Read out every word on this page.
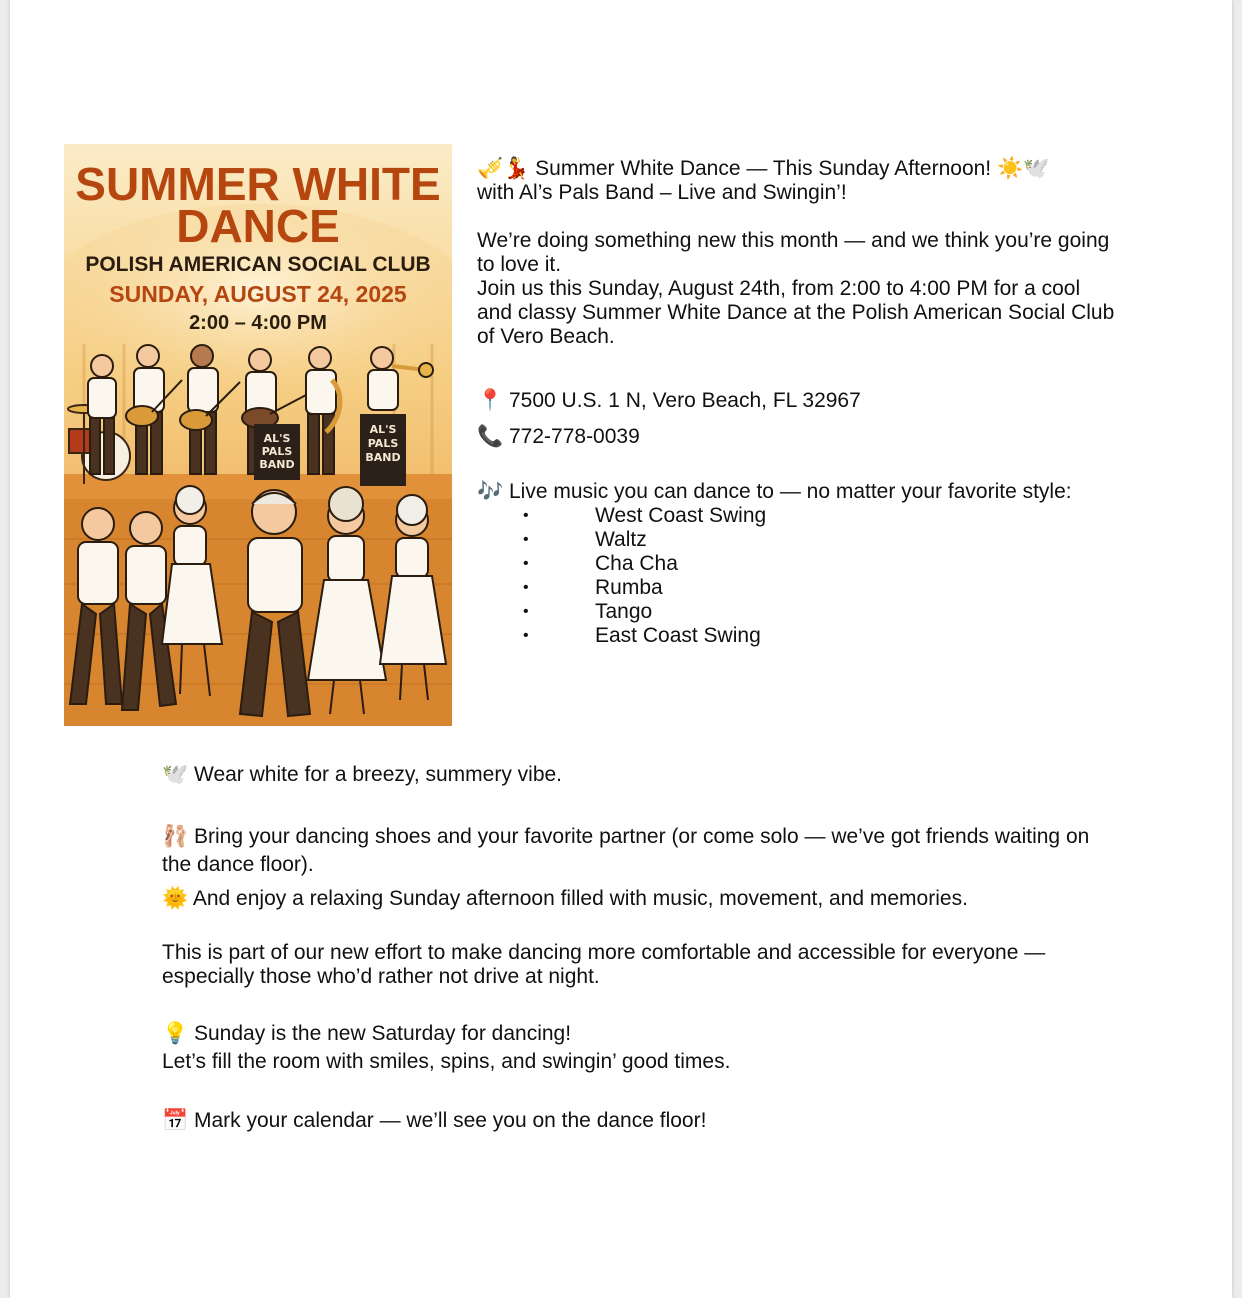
SUMMER WHITE
DANCE
POLISH AMERICAN SOCIAL CLUB
SUNDAY, AUGUST 24, 2025
2:00 – 4:00 PM
AL'S
PALS
BAND
AL'S
PALS
BAND

🎺💃 Summer White Dance — This Sunday Afternoon! ☀️🕊️

with Al’s Pals Band – Live and Swingin’!

We’re doing something new this month — and we think you’re going to love it.

Join us this Sunday, August 24th, from 2:00 to 4:00 PM for a cool and classy Summer White Dance at the Polish American Social Club of Vero Beach.

📍 7500 U.S. 1 N, Vero Beach, FL 32967

📞 772-778-0039

🎶 Live music you can dance to — no matter your favorite style:

•	West Coast Swing
•	Waltz
•	Cha Cha
•	Rumba
•	Tango
•	East Coast Swing

🕊️ Wear white for a breezy, summery vibe.

🩰 Bring your dancing shoes and your favorite partner (or come solo — we’ve got friends waiting on the dance floor).

🌞 And enjoy a relaxing Sunday afternoon filled with music, movement, and memories.

This is part of our new effort to make dancing more comfortable and accessible for everyone — especially those who’d rather not drive at night.

💡 Sunday is the new Saturday for dancing!

Let’s fill the room with smiles, spins, and swingin’ good times.

📅 Mark your calendar — we’ll see you on the dance floor!
